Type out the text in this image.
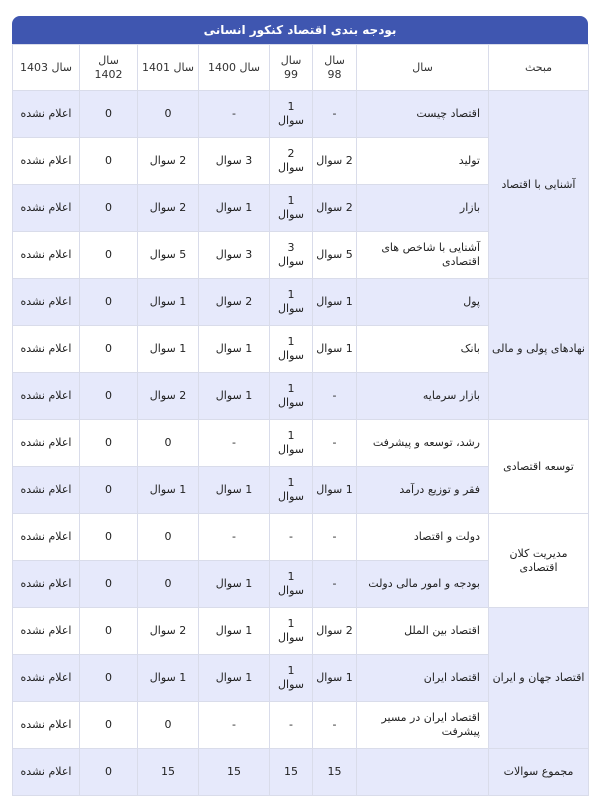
بودجه بندی اقتصاد کنکور انسانی
مبحث	سال	سال 98	سال 99	سال 1400	سال 1401	سال 1402	سال 1403
آشنایی با اقتصاد	اقتصاد چیست	-	1 سوال	-	0	0	اعلام نشده
	تولید	2 سوال	2 سوال	3 سوال	2 سوال	0	اعلام نشده
	بازار	2 سوال	1 سوال	1 سوال	2 سوال	0	اعلام نشده
	آشنایی با شاخص های اقتصادی	5 سوال	3 سوال	3 سوال	5 سوال	0	اعلام نشده
نهادهای پولی و مالی	پول	1 سوال	1 سوال	2 سوال	1 سوال	0	اعلام نشده
	بانک	1 سوال	1 سوال	1 سوال	1 سوال	0	اعلام نشده
	بازار سرمایه	-	1 سوال	1 سوال	2 سوال	0	اعلام نشده
توسعه اقتصادی	رشد، توسعه و پیشرفت	-	1 سوال	-	0	0	اعلام نشده
	فقر و توزیع درآمد	1 سوال	1 سوال	1 سوال	1 سوال	0	اعلام نشده
مدیریت کلان اقتصادی	دولت و اقتصاد	-	-	-	0	0	اعلام نشده
	بودجه و امور مالی دولت	-	1 سوال	1 سوال	0	0	اعلام نشده
اقتصاد جهان و ایران	اقتصاد بین الملل	2 سوال	1 سوال	1 سوال	2 سوال	0	اعلام نشده
	اقتصاد ایران	1 سوال	1 سوال	1 سوال	1 سوال	0	اعلام نشده
	اقتصاد ایران در مسیر پیشرفت	-	-	-	0	0	اعلام نشده
مجموع سوالات		15	15	15	15	0	اعلام نشده
